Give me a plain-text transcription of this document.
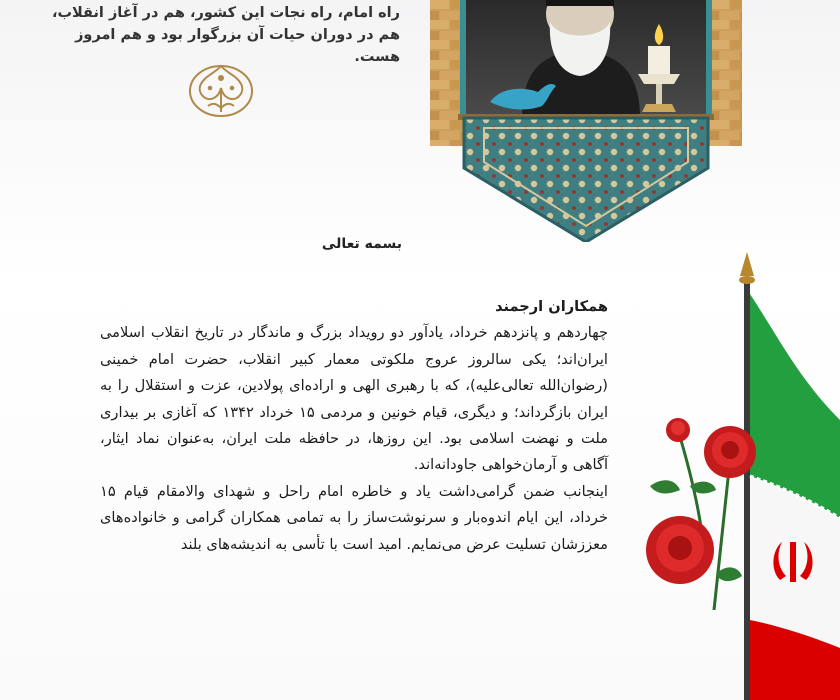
راه امام، راه نجات این کشور، هم در آغاز انقلاب،
هم در دوران حیات آن بزرگوار بود و هم امروز هست.
بسمه تعالی

همکاران ارجمند

چهاردهم و پانزدهم خرداد، یادآور دو رویداد بزرگ و ماندگار در تاریخ انقلاب اسلامی ایران‌اند؛ یکی سالروز عروج ملکوتی معمار کبیر انقلاب، حضرت امام خمینی (رضوان‌الله تعالی‌علیه)، که با رهبری الهی و اراده‌ای پولادین، عزت و استقلال را به ایران بازگرداند؛ و دیگری، قیام خونین و مردمی ۱۵ خرداد ۱۳۴۲ که آغازی بر بیداری ملت و نهضت اسلامی بود. این روزها، در حافظه ملت ایران، به‌عنوان نماد ایثار، آگاهی و آرمان‌خواهی جاودانه‌اند.

اینجانب ضمن گرامی‌داشت یاد و خاطره امام راحل و شهدای والامقام قیام ۱۵ خرداد، این ایام اندوه‌بار و سرنوشت‌ساز را به تمامی همکاران گرامی و خانواده‌های معززشان تسلیت عرض می‌نمایم. امید است با تأسی به اندیشه‌های بلند
